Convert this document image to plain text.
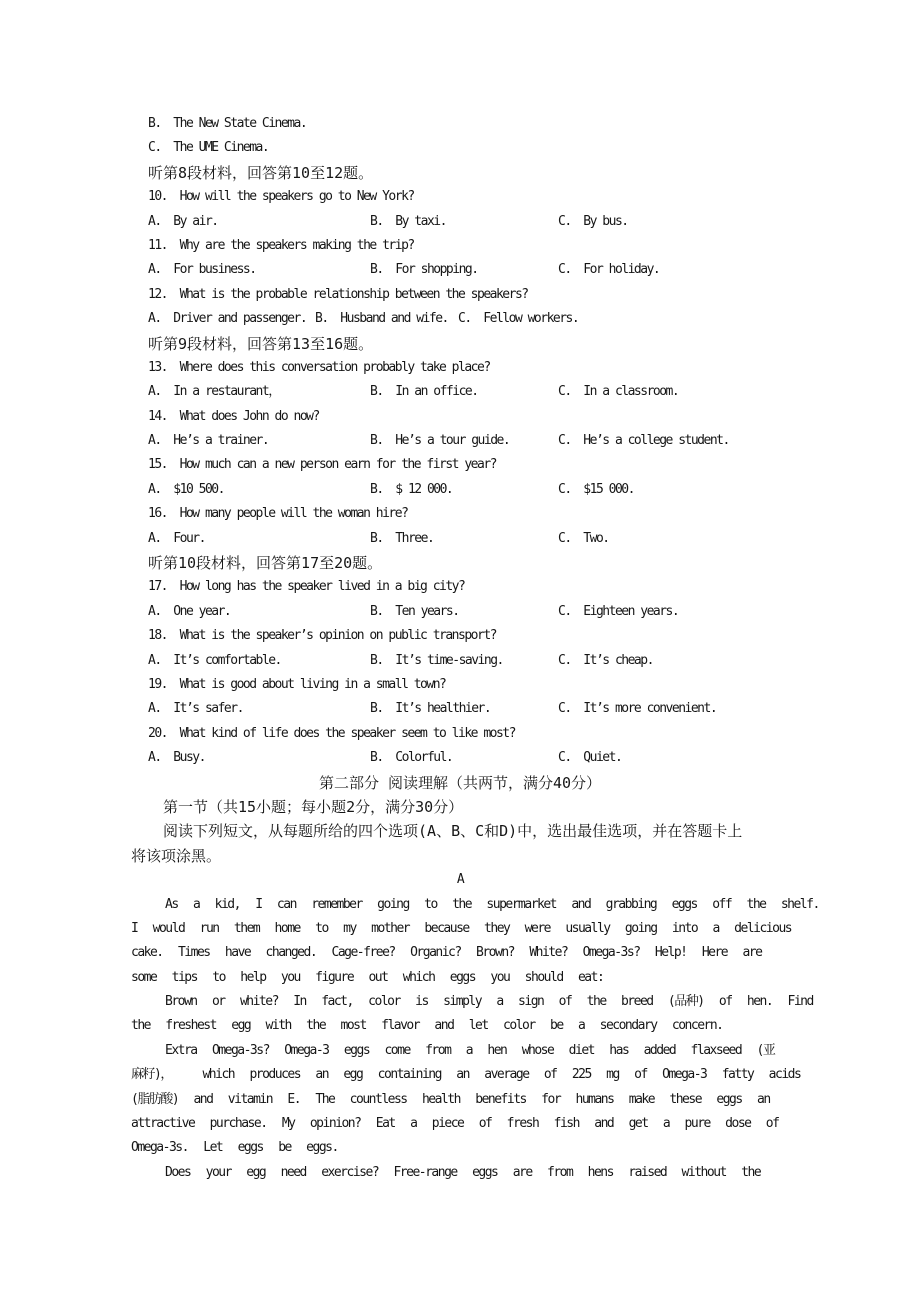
B.  The New State Cinema.
C.  The UME Cinema.
听第8段材料，回答第10至12题。
10.  How will the speakers go to New York?

A.  By air.

	B.  By taxi.

	C.  By bus.

11.  Why are the speakers making the trip?

A.  For business.

	B.  For shopping.

	C.  For holiday.

12.  What is the probable relationship between the speakers?

A.  Driver and passenger.

B.  Husband and wife.

C.  Fellow workers.

听第9段材料，回答第13至16题。
13.  Where does this conversation probably take place?

A.  In a restaurant，

	B.  In an office.

	C.  In a classroom.

14.  What does John do now?

A.  He’s a trainer.

	B.  He’s a tour guide.

	C.  He’s a college student.

15.  How much can a new person earn for the first year?

A.  $10 500.

	B.  $ 12 000.

	C.  $15 000.

16.  How many people will the woman hire?

A.  Four.

	B.  Three.

	C.  Two.

听第10段材料，回答第17至20题。
17.  How long has the speaker lived in a big city?

A.  One year.

	B.  Ten years.

	C.  Eighteen years.

18.  What is the speaker’s opinion on public transport?

A.  It’s comfortable.

	B.  It’s time-saving.

	C.  It’s cheap.

19.  What is good about living in a small town?

A.  It’s safer.

	B.  It’s healthier.

	C.  It’s more convenient.

20.  What kind of life does the speaker seem to like most?

A.  Busy.

	B.  Colorful.

	C.  Quiet.

第二部分 阅读理解（共两节，满分40分）
第一节（共15小题；每小题2分，满分30分）
阅读下列短文，从每题所给的四个选项(A、B、C和D)中，选出最佳选项，并在答题卡上
将该项涂黑。
A
As a kid, I can remember going to the supermarket and grabbing eggs off the shelf.
I would run them home to my mother because they were usually going into a delicious
cake. Times have changed. Cage-free? Organic? Brown? White? Omega-3s? Help! Here are
some tips to help you figure out which eggs you should eat:
Brown or white? In fact, color is simply a sign of the breed (品种) of hen. Find
the freshest egg with the most flavor and let color be a secondary concern.
Extra Omega-3s? Omega-3 eggs come from a hen whose diet has added flaxseed (亚
麻籽)，  which produces an egg containing an average of 225 mg of Omega-3 fatty acids
(脂肪酸) and vitamin E. The countless health benefits for humans make these eggs an
attractive purchase. My opinion? Eat a piece of fresh fish and get a pure dose of
Omega-3s. Let eggs be eggs.
Does your egg need exercise? Free-range eggs are from hens raised without the
